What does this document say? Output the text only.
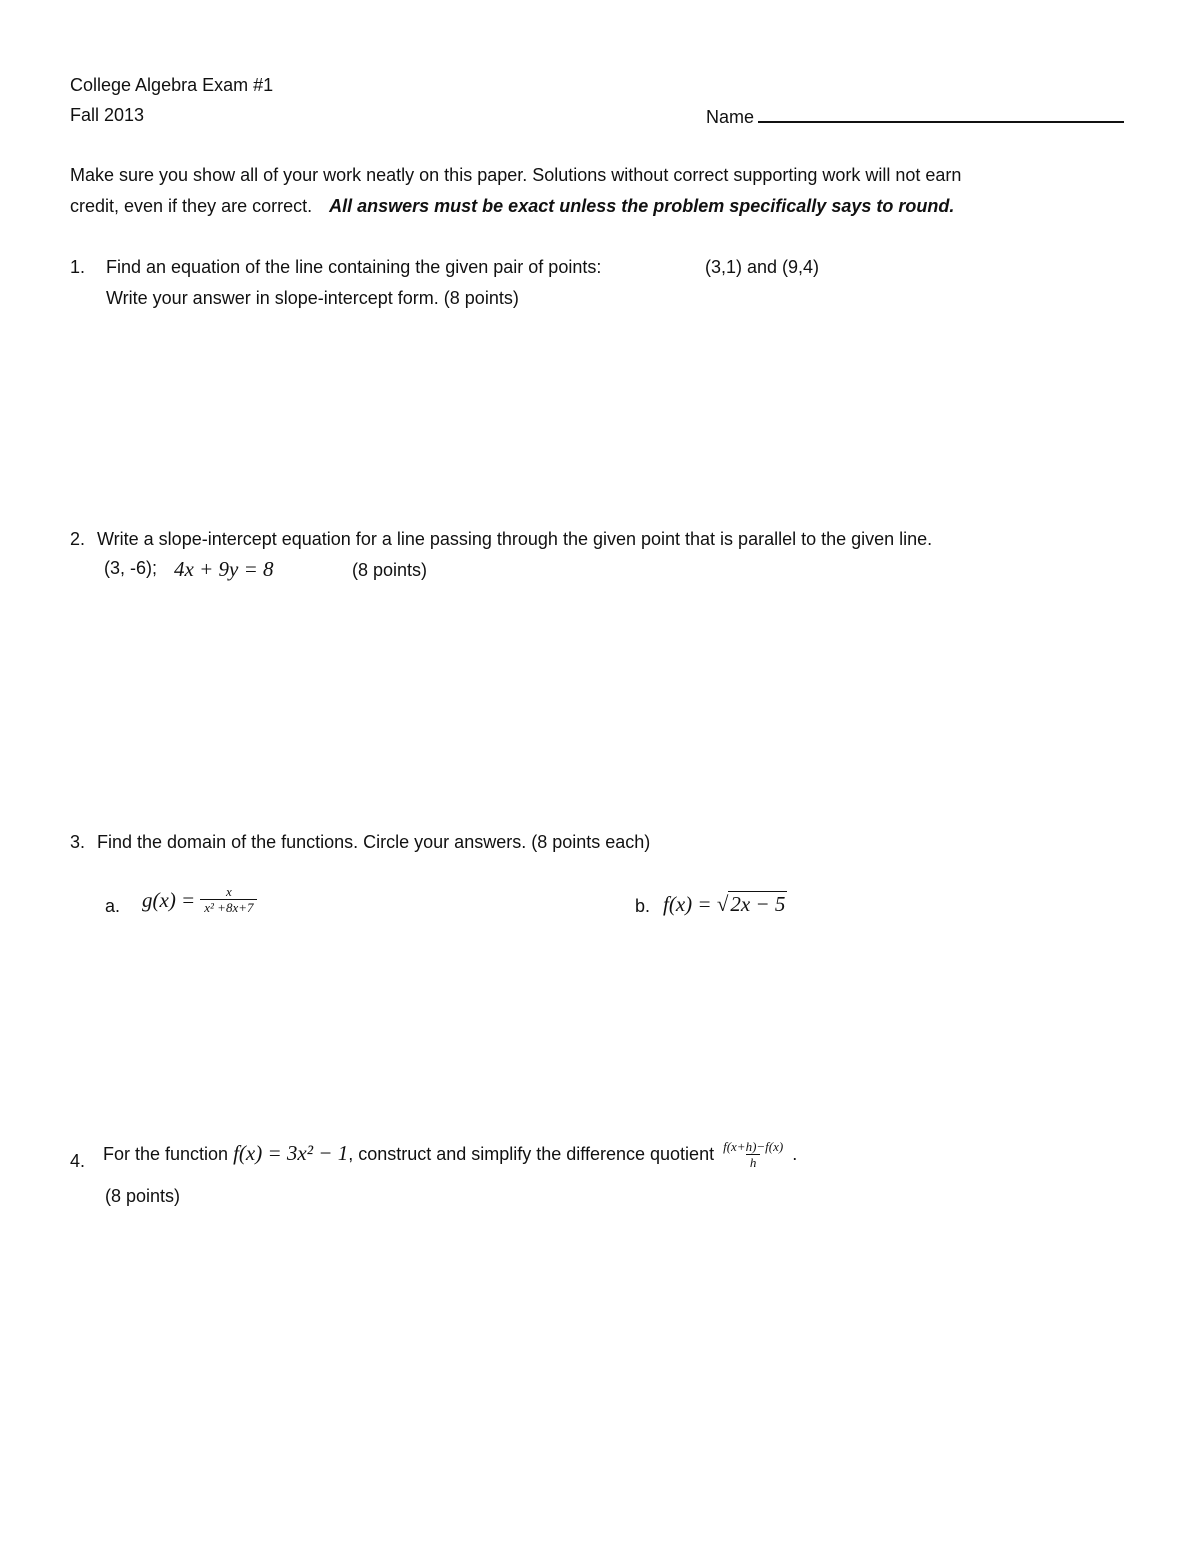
College Algebra Exam #1
Fall 2013	Name
Make sure you show all of your work neatly on this paper. Solutions without correct supporting work will not earn
credit, even if they are correct. All answers must be exact unless the problem specifically says to round.
1. Find an equation of the line containing the given pair of points:	(3,1) and (9,4)
Write your answer in slope-intercept form. (8 points)
2. Write a slope-intercept equation for a line passing through the given point that is parallel to the given line.
(3, -6); 4x + 9y = 8	(8 points)
3. Find the domain of the functions. Circle your answers. (8 points each)
a. $g(x) = \frac{x}{\text{x² +8x+7}}$	b. f(x) = √2x − 5
4. For the function f(x) = 3x² − 1, construct and simplify the difference quotient $\frac{f(x+h)-f(x)}{h}$ .
(8 points)
